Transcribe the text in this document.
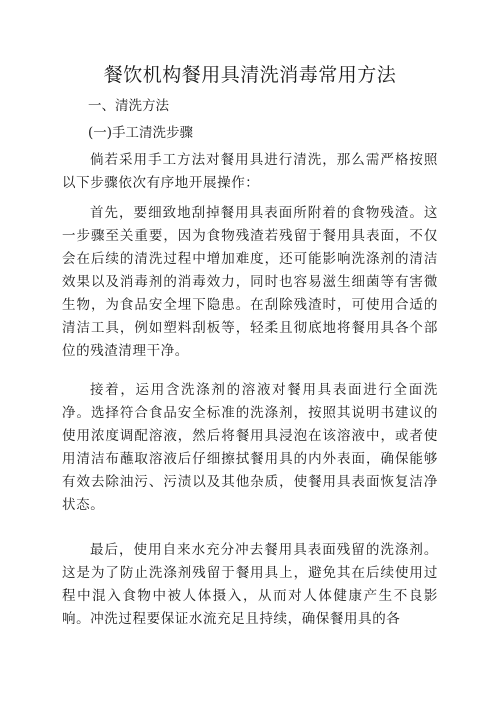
餐饮机构餐用具清洗消毒常用方法
一、清洗方法
(一)手工清洗步骤
倘若采用手工方法对餐用具进行清洗，那么需严格按照
以下步骤依次有序地开展操作：
首先，要细致地刮掉餐用具表面所附着的食物残渣。这
一步骤至关重要，因为食物残渣若残留于餐用具表面，不仅
会在后续的清洗过程中增加难度，还可能影响洗涤剂的清洁
效果以及消毒剂的消毒效力，同时也容易滋生细菌等有害微
生物，为食品安全埋下隐患。在刮除残渣时，可使用合适的
清洁工具，例如塑料刮板等，轻柔且彻底地将餐用具各个部
位的残渣清理干净。
接着，运用含洗涤剂的溶液对餐用具表面进行全面洗
净。选择符合食品安全标准的洗涤剂，按照其说明书建议的
使用浓度调配溶液，然后将餐用具浸泡在该溶液中，或者使
用清洁布蘸取溶液后仔细擦拭餐用具的内外表面，确保能够
有效去除油污、污渍以及其他杂质，使餐用具表面恢复洁净
状态。
最后，使用自来水充分冲去餐用具表面残留的洗涤剂。
这是为了防止洗涤剂残留于餐用具上，避免其在后续使用过
程中混入食物中被人体摄入，从而对人体健康产生不良影
响。冲洗过程要保证水流充足且持续，确保餐用具的各
